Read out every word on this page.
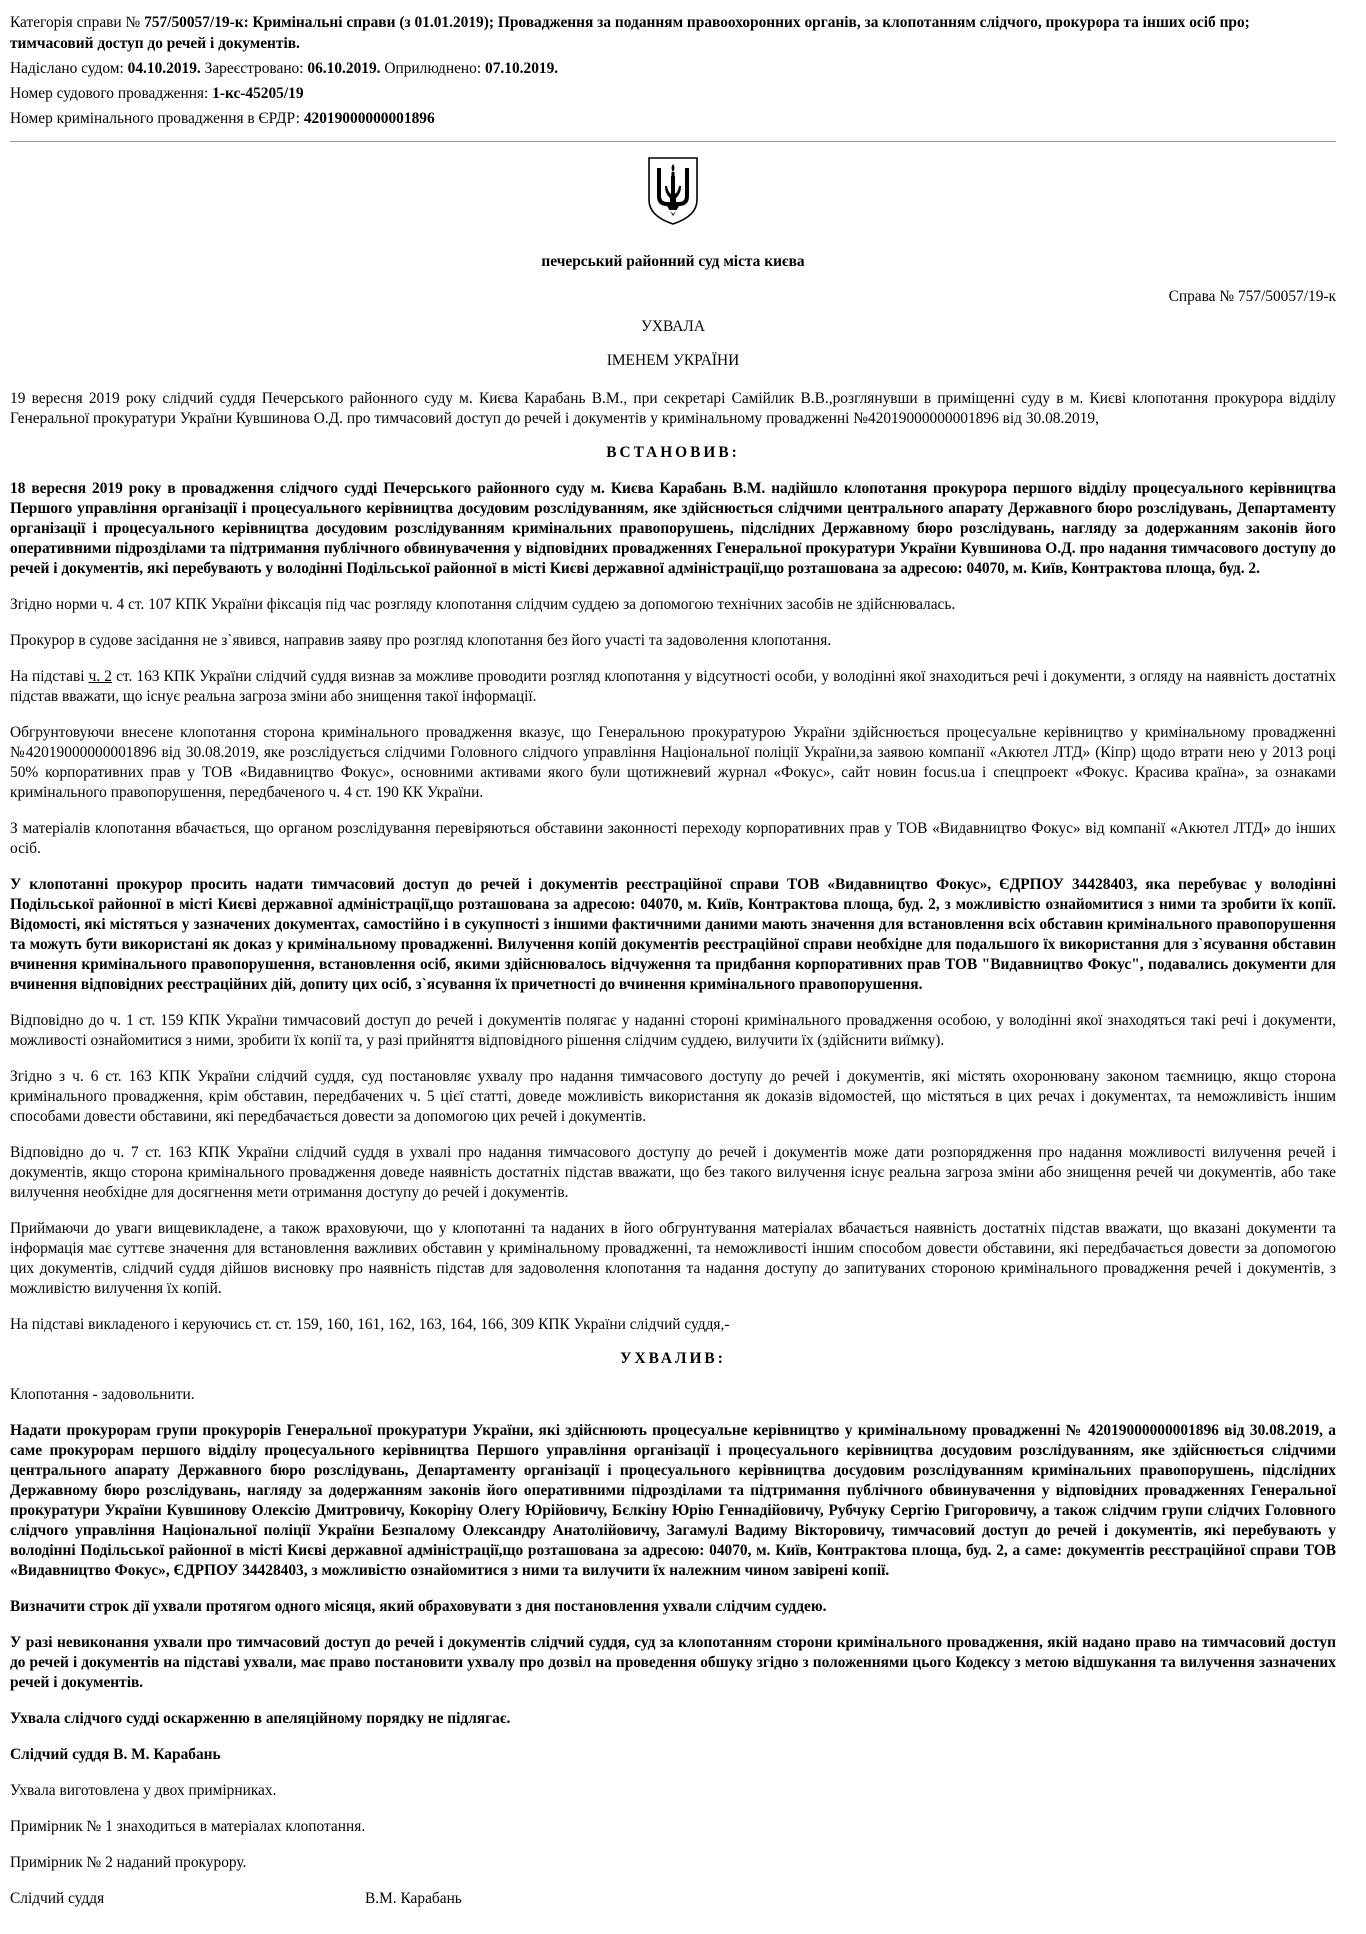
Категорія справи № 757/50057/19-к: Кримінальні справи (з 01.01.2019); Провадження за поданням правоохоронних органів, за клопотанням слідчого, прокурора та інших осіб про; тимчасовий доступ до речей і документів.

Надіслано судом: 04.10.2019. Зареєстровано: 06.10.2019. Оприлюднено: 07.10.2019.

Номер судового провадження: 1-кс-45205/19

Номер кримінального провадження в ЄРДР: 42019000000001896

печерський районний суд міста києва
Справа № 757/50057/19-к
УХВАЛА
ІМЕНЕМ УКРАЇНИ

19 вересня 2019 року слідчий суддя Печерського районного суду м. Києва Карабань В.М., при секретарі Самійлик В.В.,розглянувши в приміщенні суду в м. Києві клопотання прокурора відділу Генеральної прокуратури України Кувшинова О.Д. про тимчасовий доступ до речей і документів у кримінальному провадженні №42019000000001896 від 30.08.2019,

ВСТАНОВИВ:

18 вересня 2019 року в провадження слідчого судді Печерського районного суду м. Києва Карабань В.М. надійшло клопотання прокурора першого відділу процесуального керівництва Першого управління організації і процесуального керівництва досудовим розслідуванням, яке здійснюється слідчими центрального апарату Державного бюро розслідувань, Департаменту організації і процесуального керівництва досудовим розслідуванням кримінальних правопорушень, підслідних Державному бюро розслідувань, нагляду за додержанням законів його оперативними підрозділами та підтримання публічного обвинувачення у відповідних провадженнях Генеральної прокуратури України Кувшинова О.Д. про надання тимчасового доступу до речей і документів, які перебувають у володінні Подільської районної в місті Києві державної адміністрації,що розташована за адресою: 04070, м. Київ, Контрактова площа, буд. 2.

Згідно норми ч. 4 ст. 107 КПК України фіксація під час розгляду клопотання слідчим суддею за допомогою технічних засобів не здійснювалась.

Прокурор в судове засідання не з`явився, направив заяву про розгляд клопотання без його участі та задоволення клопотання.

На підставі ч. 2 ст. 163 КПК України слідчий суддя визнав за можливе проводити розгляд клопотання у відсутності особи, у володінні якої знаходиться речі і документи, з огляду на наявність достатніх підстав вважати, що існує реальна загроза зміни або знищення такої інформації.

Обгрунтовуючи внесене клопотання сторона кримінального провадження вказує, що Генеральною прокуратурою України здійснюється процесуальне керівництво у кримінальному провадженні №42019000000001896 від 30.08.2019, яке розслідується слідчими Головного слідчого управління Національної поліції України,за заявою компанії «Акютел ЛТД» (Кіпр) щодо втрати нею у 2013 році 50% корпоративних прав у ТОВ «Видавництво Фокус», основними активами якого були щотижневий журнал «Фокус», сайт новин focus.ua і спецпроект «Фокус. Красива країна», за ознаками кримінального правопорушення, передбаченого ч. 4 ст. 190 КК України.

З матеріалів клопотання вбачається, що органом розслідування перевіряються обставини законності переходу корпоративних прав у ТОВ «Видавництво Фокус» від компанії «Акютел ЛТД» до інших осіб.

У клопотанні прокурор просить надати тимчасовий доступ до речей і документів реєстраційної справи ТОВ «Видавництво Фокус», ЄДРПОУ 34428403, яка перебуває у володінні Подільської районної в місті Києві державної адміністрації,що розташована за адресою: 04070, м. Київ, Контрактова площа, буд. 2, з можливістю ознайомитися з ними та зробити їх копії. Відомості, які містяться у зазначених документах, самостійно і в сукупності з іншими фактичними даними мають значення для встановлення всіх обставин кримінального правопорушення та можуть бути використані як доказ у кримінальному провадженні. Вилучення копій документів реєстраційної справи необхідне для подальшого їх використання для з`ясування обставин вчинення кримінального правопорушення, встановлення осіб, якими здійснювалось відчуження та придбання корпоративних прав ТОВ "Видавництво Фокус", подавались документи для вчинення відповідних реєстраційних дій, допиту цих осіб, з`ясування їх причетності до вчинення кримінального правопорушення.

Відповідно до ч. 1 ст. 159 КПК України тимчасовий доступ до речей і документів полягає у наданні стороні кримінального провадження особою, у володінні якої знаходяться такі речі і документи, можливості ознайомитися з ними, зробити їх копії та, у разі прийняття відповідного рішення слідчим суддею, вилучити їх (здійснити виїмку).

Згідно з ч. 6 ст. 163 КПК України слідчий суддя, суд постановляє ухвалу про надання тимчасового доступу до речей і документів, які містять охоронювану законом таємницю, якщо сторона кримінального провадження, крім обставин, передбачених ч. 5 цієї статті, доведе можливість використання як доказів відомостей, що містяться в цих речах і документах, та неможливість іншим способами довести обставини, які передбачається довести за допомогою цих речей і документів.

Відповідно до ч. 7 ст. 163 КПК України слідчий суддя в ухвалі про надання тимчасового доступу до речей і документів може дати розпорядження про надання можливості вилучення речей і документів, якщо сторона кримінального провадження доведе наявність достатніх підстав вважати, що без такого вилучення існує реальна загроза зміни або знищення речей чи документів, або таке вилучення необхідне для досягнення мети отримання доступу до речей і документів.

Приймаючи до уваги вищевикладене, а також враховуючи, що у клопотанні та наданих в його обгрунтування матеріалах вбачається наявність достатніх підстав вважати, що вказані документи та інформація має суттєве значення для встановлення важливих обставин у кримінальному провадженні, та неможливості іншим способом довести обставини, які передбачається довести за допомогою цих документів, слідчий суддя дійшов висновку про наявність підстав для задоволення клопотання та надання доступу до запитуваних стороною кримінального провадження речей і документів, з можливістю вилучення їх копій.

На підставі викладеного і керуючись ст. ст. 159, 160, 161, 162, 163, 164, 166, 309 КПК України слідчий суддя,-

УХВАЛИВ:

Клопотання - задовольнити.

Надати прокурорам групи прокурорів Генеральної прокуратури України, які здійснюють процесуальне керівництво у кримінальному провадженні № 42019000000001896 від 30.08.2019, а саме прокурорам першого відділу процесуального керівництва Першого управління організації і процесуального керівництва досудовим розслідуванням, яке здійснюється слідчими центрального апарату Державного бюро розслідувань, Департаменту організації і процесуального керівництва досудовим розслідуванням кримінальних правопорушень, підслідних Державному бюро розслідувань, нагляду за додержанням законів його оперативними підрозділами та підтримання публічного обвинувачення у відповідних провадженнях Генеральної прокуратури України Кувшинову Олексію Дмитровичу, Кокоріну Олегу Юрійовичу, Бєлкіну Юрію Геннадійовичу, Рубчуку Сергію Григоровичу, а також слідчим групи слідчих Головного слідчого управління Національної поліції України Безпалому Олександру Анатолійовичу, Загамулі Вадиму Вікторовичу, тимчасовий доступ до речей і документів, які перебувають у володінні Подільської районної в місті Києві державної адміністрації,що розташована за адресою: 04070, м. Київ, Контрактова площа, буд. 2, а саме: документів реєстраційної справи ТОВ «Видавництво Фокус», ЄДРПОУ 34428403, з можливістю ознайомитися з ними та вилучити їх належним чином завірені копії.

Визначити строк дії ухвали протягом одного місяця, який обраховувати з дня постановлення ухвали слідчим суддею.

У разі невиконання ухвали про тимчасовий доступ до речей і документів слідчий суддя, суд за клопотанням сторони кримінального провадження, якій надано право на тимчасовий доступ до речей і документів на підставі ухвали, має право постановити ухвалу про дозвіл на проведення обшуку згідно з положеннями цього Кодексу з метою відшукання та вилучення зазначених речей і документів.

Ухвала слідчого судді оскарженню в апеляційному порядку не підлягає.

Слідчий суддя В. М. Карабань

Ухвала виготовлена у двох примірниках.

Примірник № 1 знаходиться в матеріалах клопотання.

Примірник № 2 наданий прокурору.

Слідчий суддя	В.М. Карабань
